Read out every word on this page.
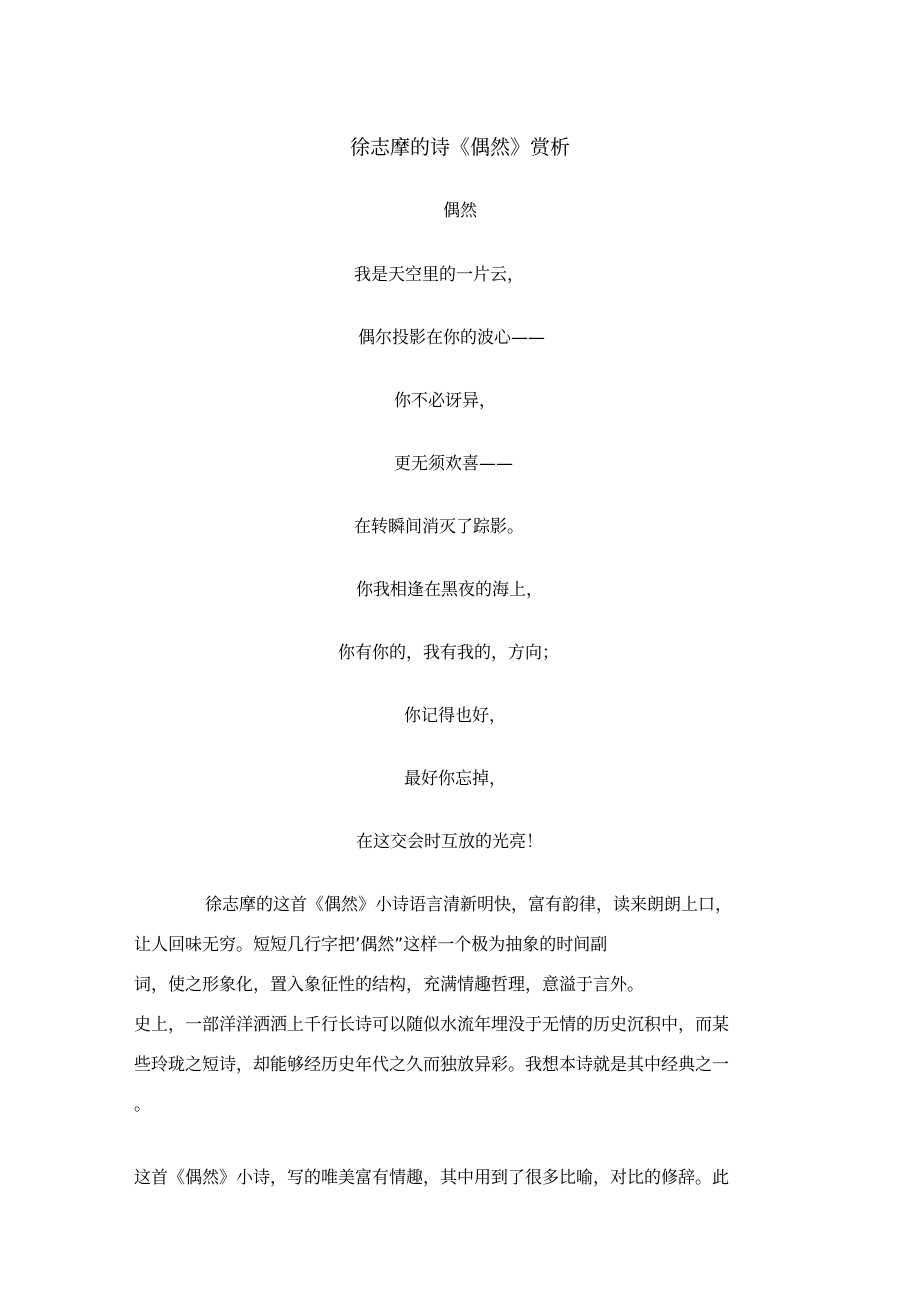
徐志摩的诗《偶然》赏析
偶然
我是天空里的一片云，
偶尔投影在你的波心——
你不必讶异，
更无须欢喜——
在转瞬间消灭了踪影。
你我相逢在黑夜的海上，
你有你的，我有我的，方向；
你记得也好，
最好你忘掉，
在这交会时互放的光亮！
徐志摩的这首《偶然》小诗语言清新明快，富有韵律，读来朗朗上口，
让人回味无穷。短短几行字把’偶然”这样一个极为抽象的时间副
词，使之形象化，置入象征性的结构，充满情趣哲理，意溢于言外。
史上，一部洋洋洒洒上千行长诗可以随似水流年埋没于无情的历史沉积中，而某
些玲珑之短诗，却能够经历史年代之久而独放异彩。我想本诗就是其中经典之一
。
这首《偶然》小诗，写的唯美富有情趣，其中用到了很多比喻，对比的修辞。此
